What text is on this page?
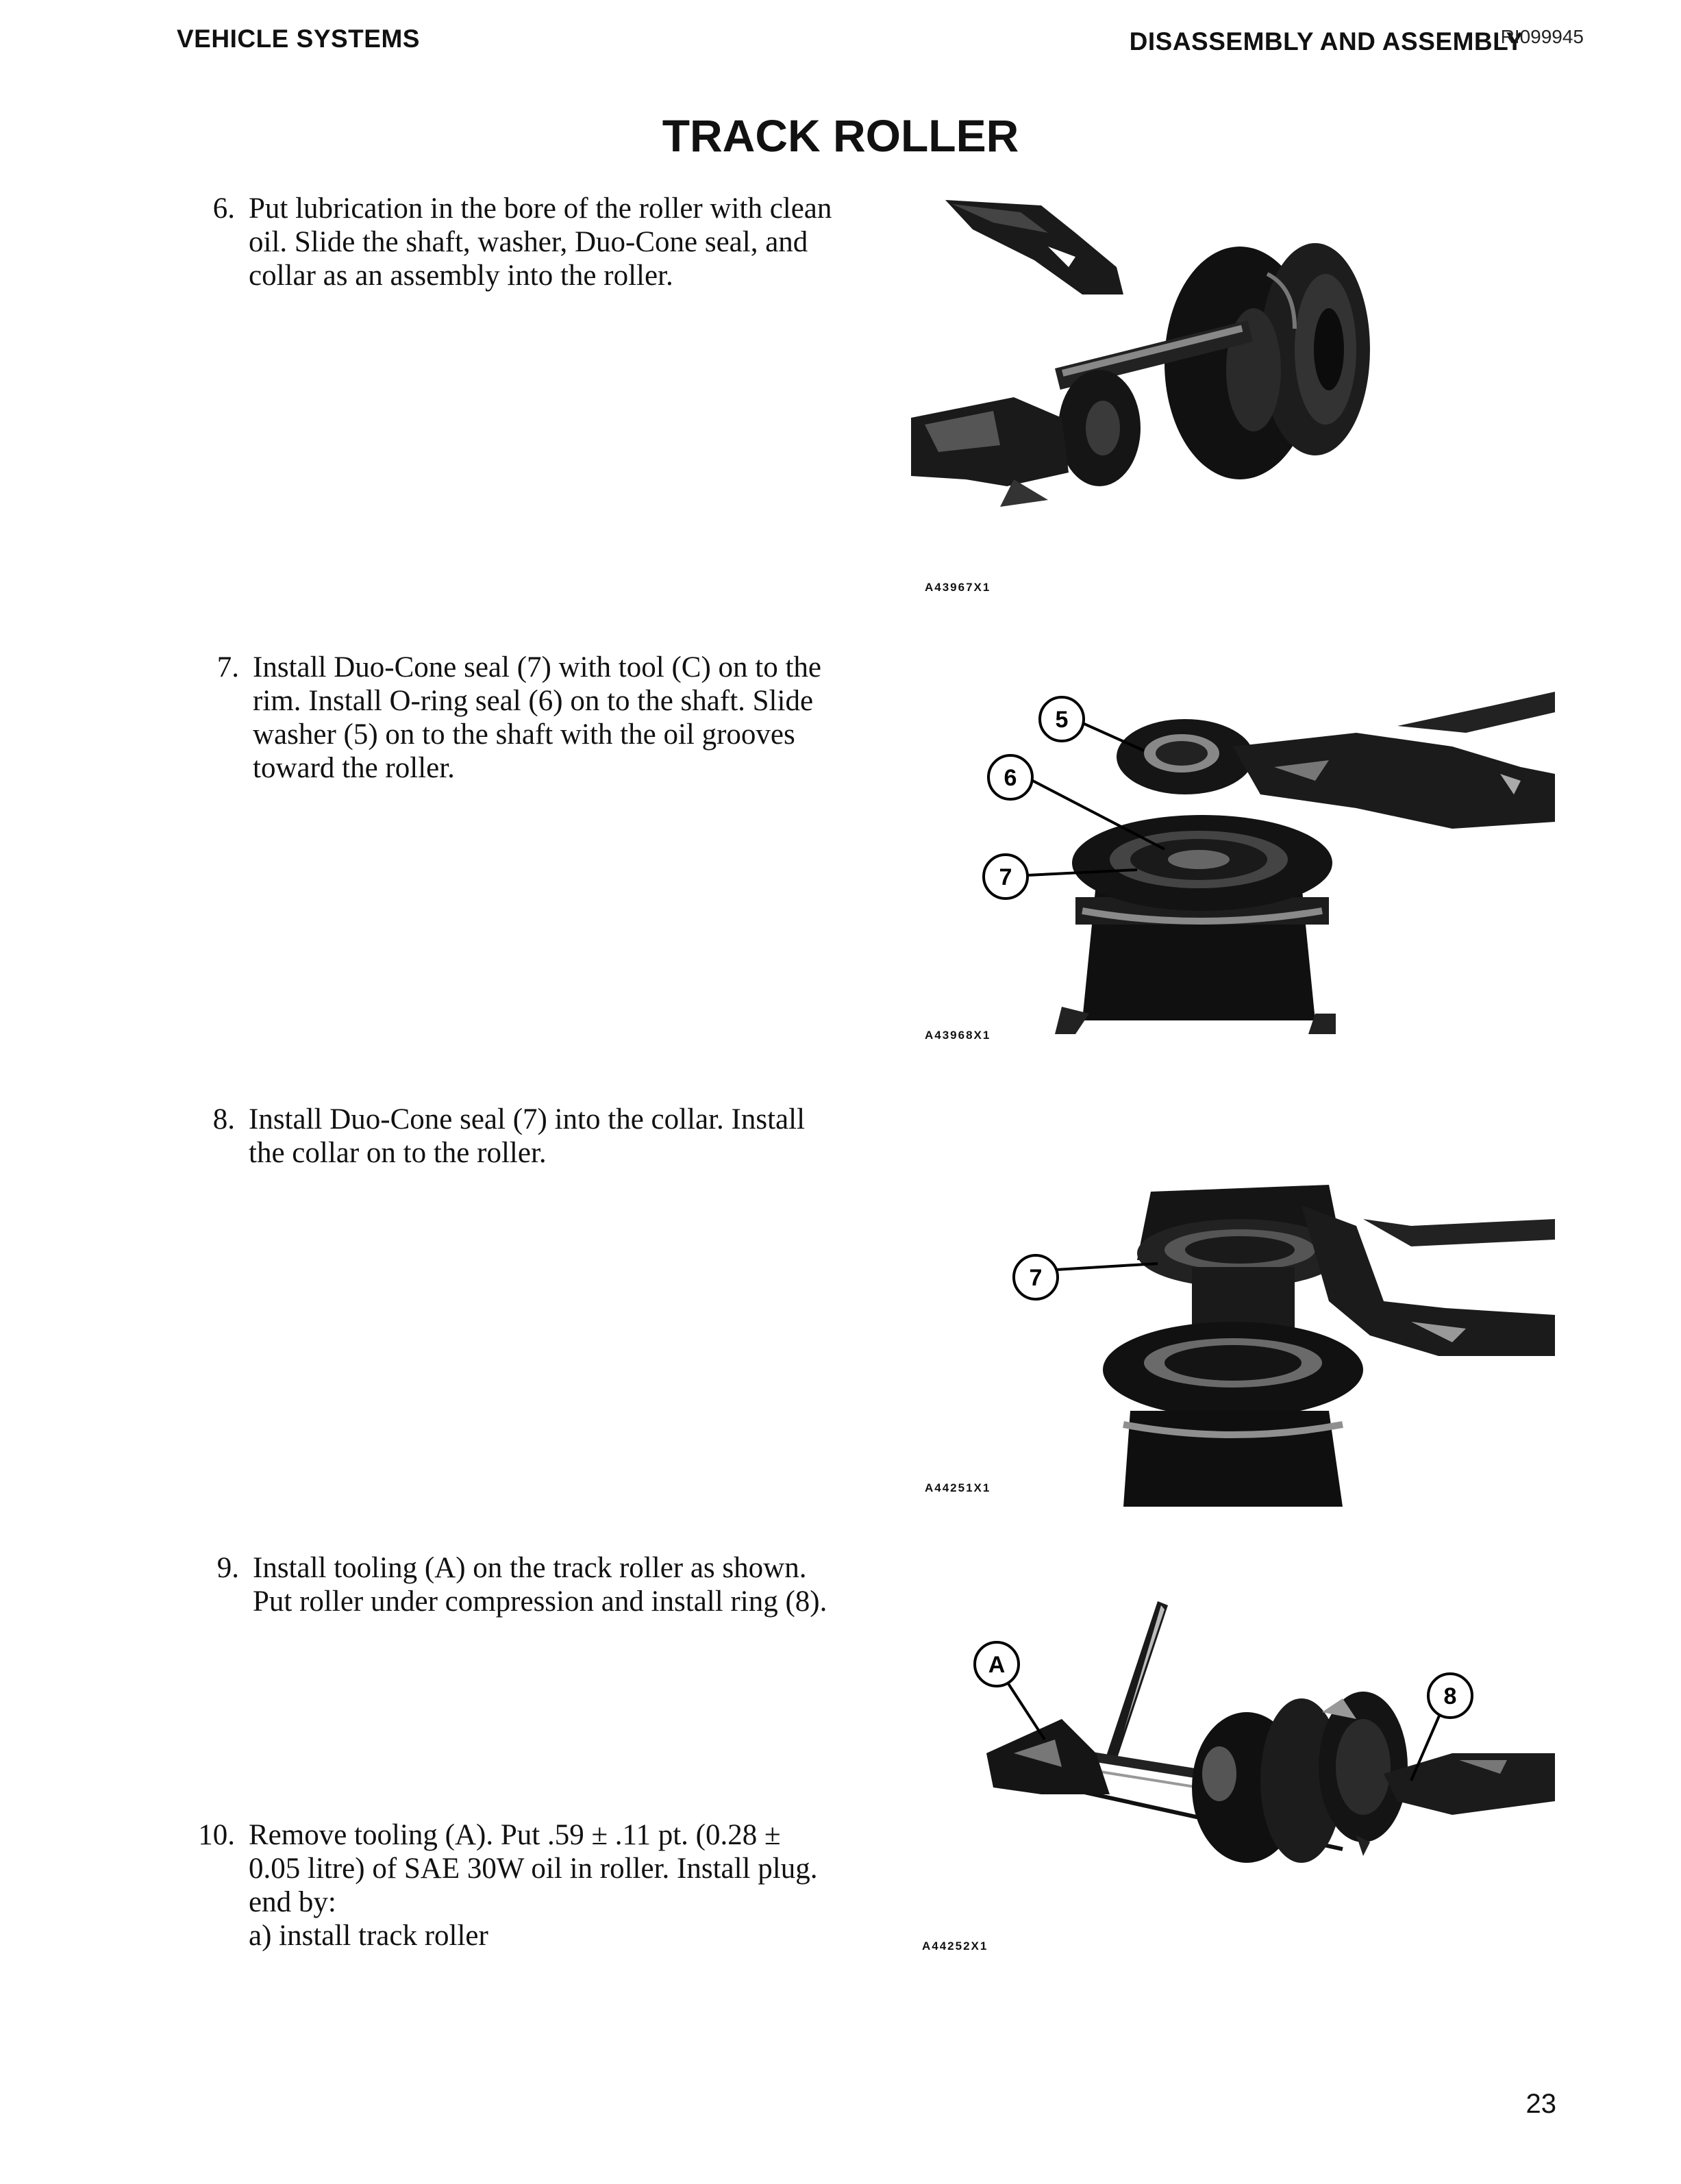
VEHICLE SYSTEMS	DISASSEMBLY AND ASSEMBLY
RI099945
TRACK ROLLER
6. Put lubrication in the bore of the roller with clean
oil. Slide the shaft, washer, Duo-Cone seal, and
collar as an assembly into the roller.
7. Install Duo-Cone seal (7) with tool (C) on to the
rim. Install O-ring seal (6) on to the shaft. Slide
washer (5) on to the shaft with the oil grooves
toward the roller.
8. Install Duo-Cone seal (7) into the collar. Install
the collar on to the roller.
9. Install tooling (A) on the track roller as shown.
Put roller under compression and install ring (8).
10. Remove tooling (A). Put .59 ± .11 pt. (0.28 ±
0.05 litre) of SAE 30W oil in roller. Install plug.
end by:
a) install track roller
A43967X1
5
6
7
A43968X1
7
A44251X1
A
8
A44252X1
23
